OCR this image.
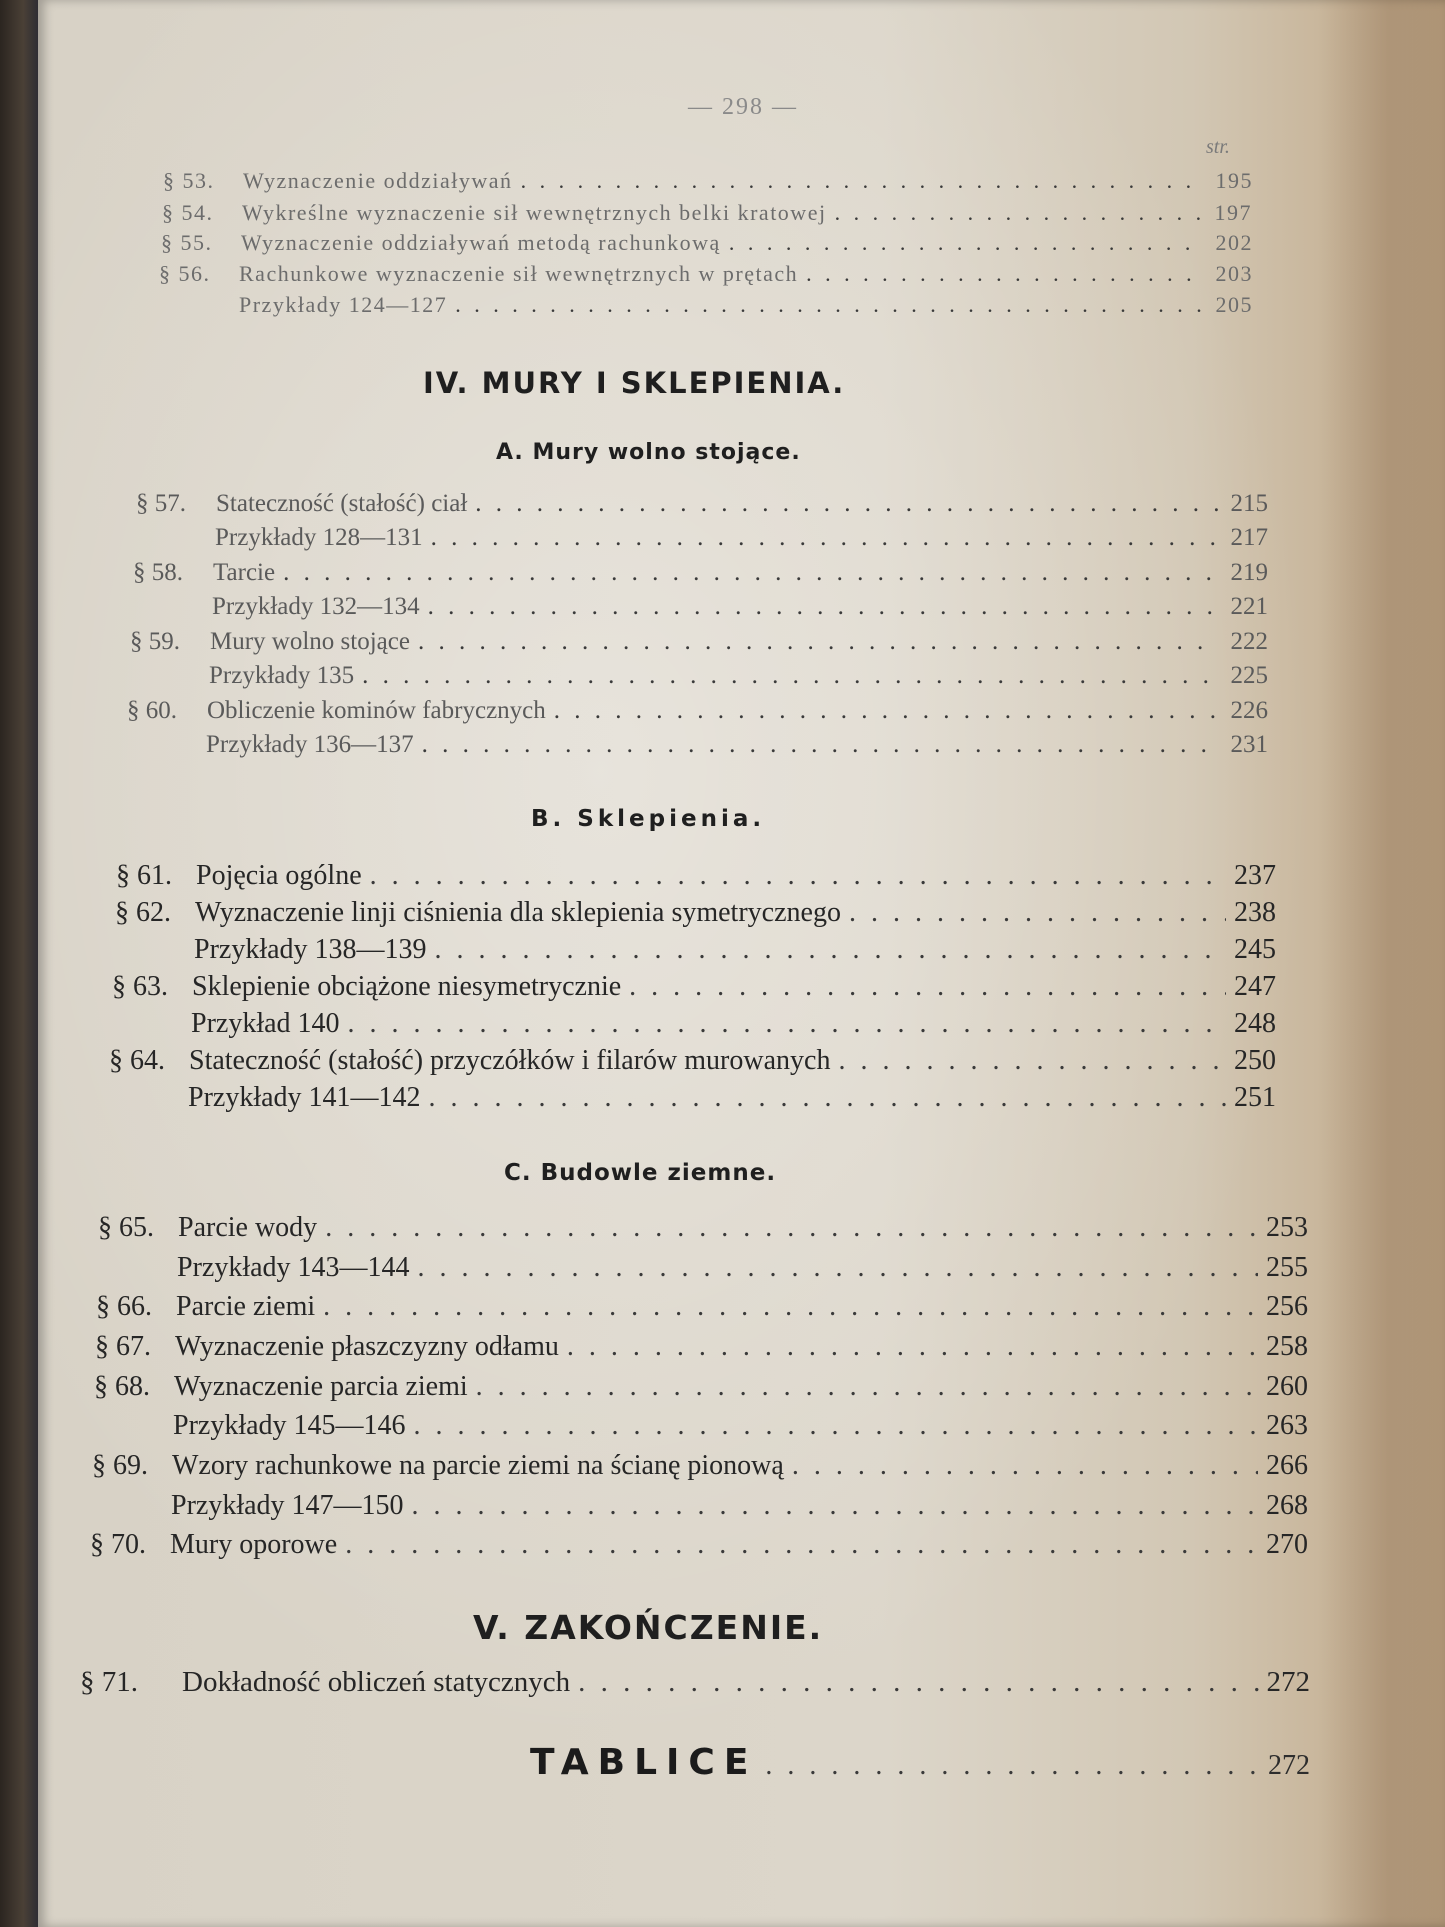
— 298 —
str.
§ 53.	Wyznaczenie oddziaływań . . .	195
§ 54.	Wykreślne wyznaczenie sił wewnętrznych belki kratowej . . .	197
§ 55.	Wyznaczenie oddziaływań metodą rachunkową . . .	202
§ 56.	Rachunkowe wyznaczenie sił wewnętrznych w prętach . . .	203
Przykłady 124—127 . . .	205
IV. MURY I SKLEPIENIA.
A. Mury wolno stojące.
§ 57.	Stateczność (stałość) ciał . . .	215
Przykłady 128—131 . . .	217
§ 58.	Tarcie . . .	219
Przykłady 132—134 . . .	221
§ 59.	Mury wolno stojące . . .	222
Przykłady 135 . . .	225
§ 60.	Obliczenie kominów fabrycznych . . .	226
Przykłady 136—137 . . .	231
B. Sklepienia.
§ 61. Pojęcia ogólne . . .	237
§ 62. Wyznaczenie linji ciśnienia dla sklepienia symetrycznego . . .	238
Przykłady 138—139 . . .	245
§ 63. Sklepienie obciążone niesymetrycznie . . .	247
Przykład 140 . . .	248
§ 64. Stateczność (stałość) przyczółków i filarów murowanych . . .	250
Przykłady 141—142 . . .	251
C. Budowle ziemne.
§ 65. Parcie wody . . .	253
Przykłady 143—144 . . .	255
§ 66. Parcie ziemi . . .	256
§ 67. Wyznaczenie płaszczyzny odłamu . . .	258
§ 68. Wyznaczenie parcia ziemi . . .	260
Przykłady 145—146 . . .	263
§ 69. Wzory rachunkowe na parcie ziemi na ścianę pionową . . .	266
Przykłady 147—150 . . .	268
§ 70. Mury oporowe . . .	270
V. ZAKOŃCZENIE.
§ 71.	Dokładność obliczeń statycznych . . .	272
TABLICE . . .	272
